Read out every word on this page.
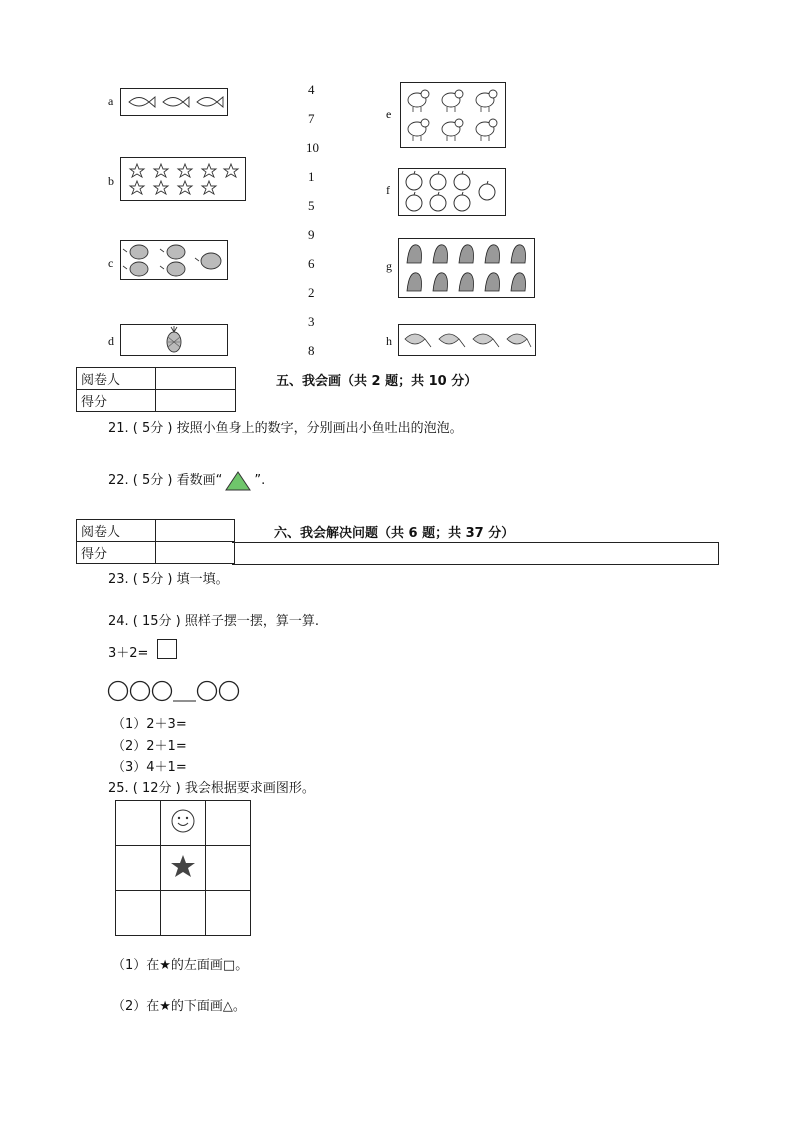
a
b
c
d
4
7
10
1
5
9
6
2
3
8
e
f
g
h
阅卷人	
得分	
五、我会画（共 2 题；共 10 分）
21. ( 5分 ) 按照小鱼身上的数字，分别画出小鱼吐出的泡泡。
22. ( 5分 ) 看数画“ ”.
阅卷人	
得分	
六、我会解决问题（共 6 题；共 37 分）
23. ( 5分 ) 填一填。
24. ( 15分 ) 照样子摆一摆，算一算.
3＋2=
（1）2＋3=
（2）2＋1=
（3）4＋1=
25. ( 12分 ) 我会根据要求画图形。

（1）在★的左面画□。
（2）在★的下面画△。
